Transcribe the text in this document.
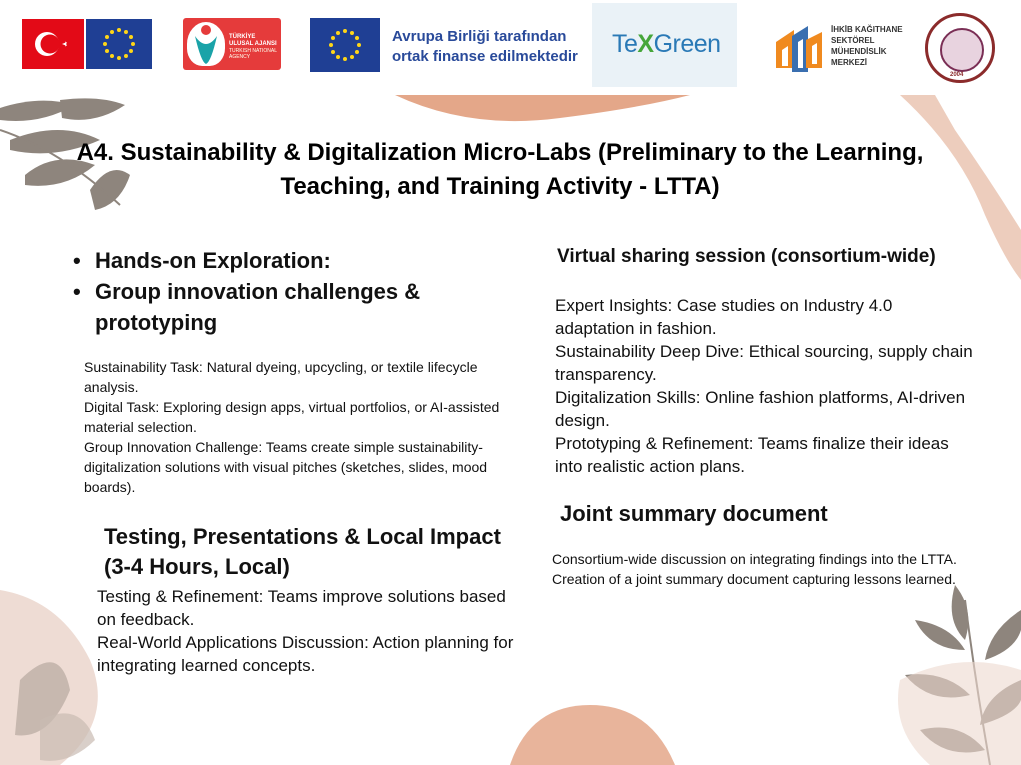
TÜRKİYE ULUSAL AJANSI
TURKISH NATIONAL AGENCY
Avrupa Birliği tarafından
ortak finanse edilmektedir TeXGreen
İHKİB KAĞITHANE
SEKTÖREL
MÜHENDİSLİK
MERKEZİ
2004
A4. Sustainability & Digitalization Micro-Labs (Preliminary to the Learning,
Teaching, and Training Activity - LTTA)
• Hands-on Exploration:
• Group innovation challenges & prototyping
Sustainability Task: Natural dyeing, upcycling, or textile lifecycle analysis.
Digital Task: Exploring design apps, virtual portfolios, or AI-assisted material selection.
Group Innovation Challenge: Teams create simple sustainability-digitalization solutions with visual pitches (sketches, slides, mood boards).
Testing, Presentations & Local Impact (3-4 Hours, Local)
Testing & Refinement: Teams improve solutions based on feedback.
Real-World Applications Discussion: Action planning for integrating learned concepts.
Virtual sharing session (consortium-wide)
Expert Insights: Case studies on Industry 4.0 adaptation in fashion.
Sustainability Deep Dive: Ethical sourcing, supply chain transparency.
Digitalization Skills: Online fashion platforms, AI-driven design.
Prototyping & Refinement: Teams finalize their ideas into realistic action plans.
Joint summary document
Consortium-wide discussion on integrating findings into the LTTA.
Creation of a joint summary document capturing lessons learned.
